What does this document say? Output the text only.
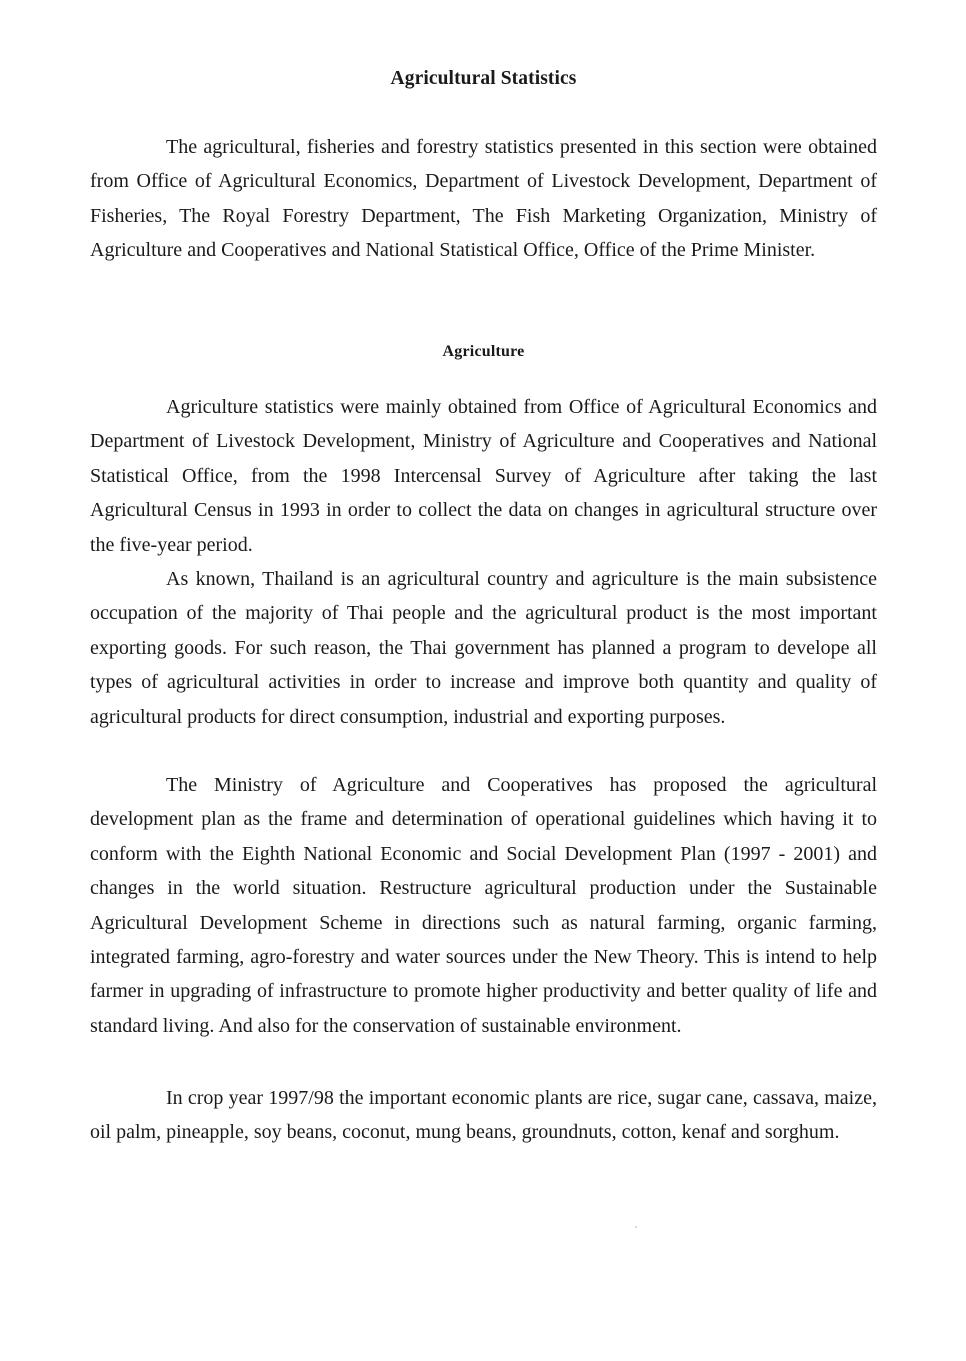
Agricultural Statistics

The agricultural, fisheries and forestry statistics presented in this section were obtained from Office of Agricultural Economics, Department of Livestock Development, Department of Fisheries, The Royal Forestry Department, The Fish Marketing Organization, Ministry of Agriculture and Cooperatives and National Statistical Office, Office of the Prime Minister.

Agriculture

Agriculture statistics were mainly obtained from Office of Agricultural Economics and Department of Livestock Development, Ministry of Agriculture and Cooperatives and National Statistical Office, from the 1998 Intercensal Survey of Agriculture after taking the last Agricultural Census in 1993 in order to collect the data on changes in agricultural structure over the five-year period.

As known, Thailand is an agricultural country and agriculture is the main subsistence occupation of the majority of Thai people and the agricultural product is the most important exporting goods. For such reason, the Thai government has planned a program to develope all types of agricultural activities in order to increase and improve both quantity and quality of agricultural products for direct consumption, industrial and exporting purposes.

The Ministry of Agriculture and Cooperatives has proposed the agricultural development plan as the frame and determination of operational guidelines which having it to conform with the Eighth National Economic and Social Development Plan (1997 - 2001) and changes in the world situation. Restructure agricultural production under the Sustainable Agricultural Development Scheme in directions such as natural farming, organic farming, integrated farming, agro-forestry and water sources under the New Theory. This is intend to help farmer in upgrading of infrastructure to promote higher productivity and better quality of life and standard living. And also for the conservation of sustainable environment.

In crop year 1997/98 the important economic plants are rice, sugar cane, cassava, maize, oil palm, pineapple, soy beans, coconut, mung beans, groundnuts, cotton, kenaf and sorghum.
